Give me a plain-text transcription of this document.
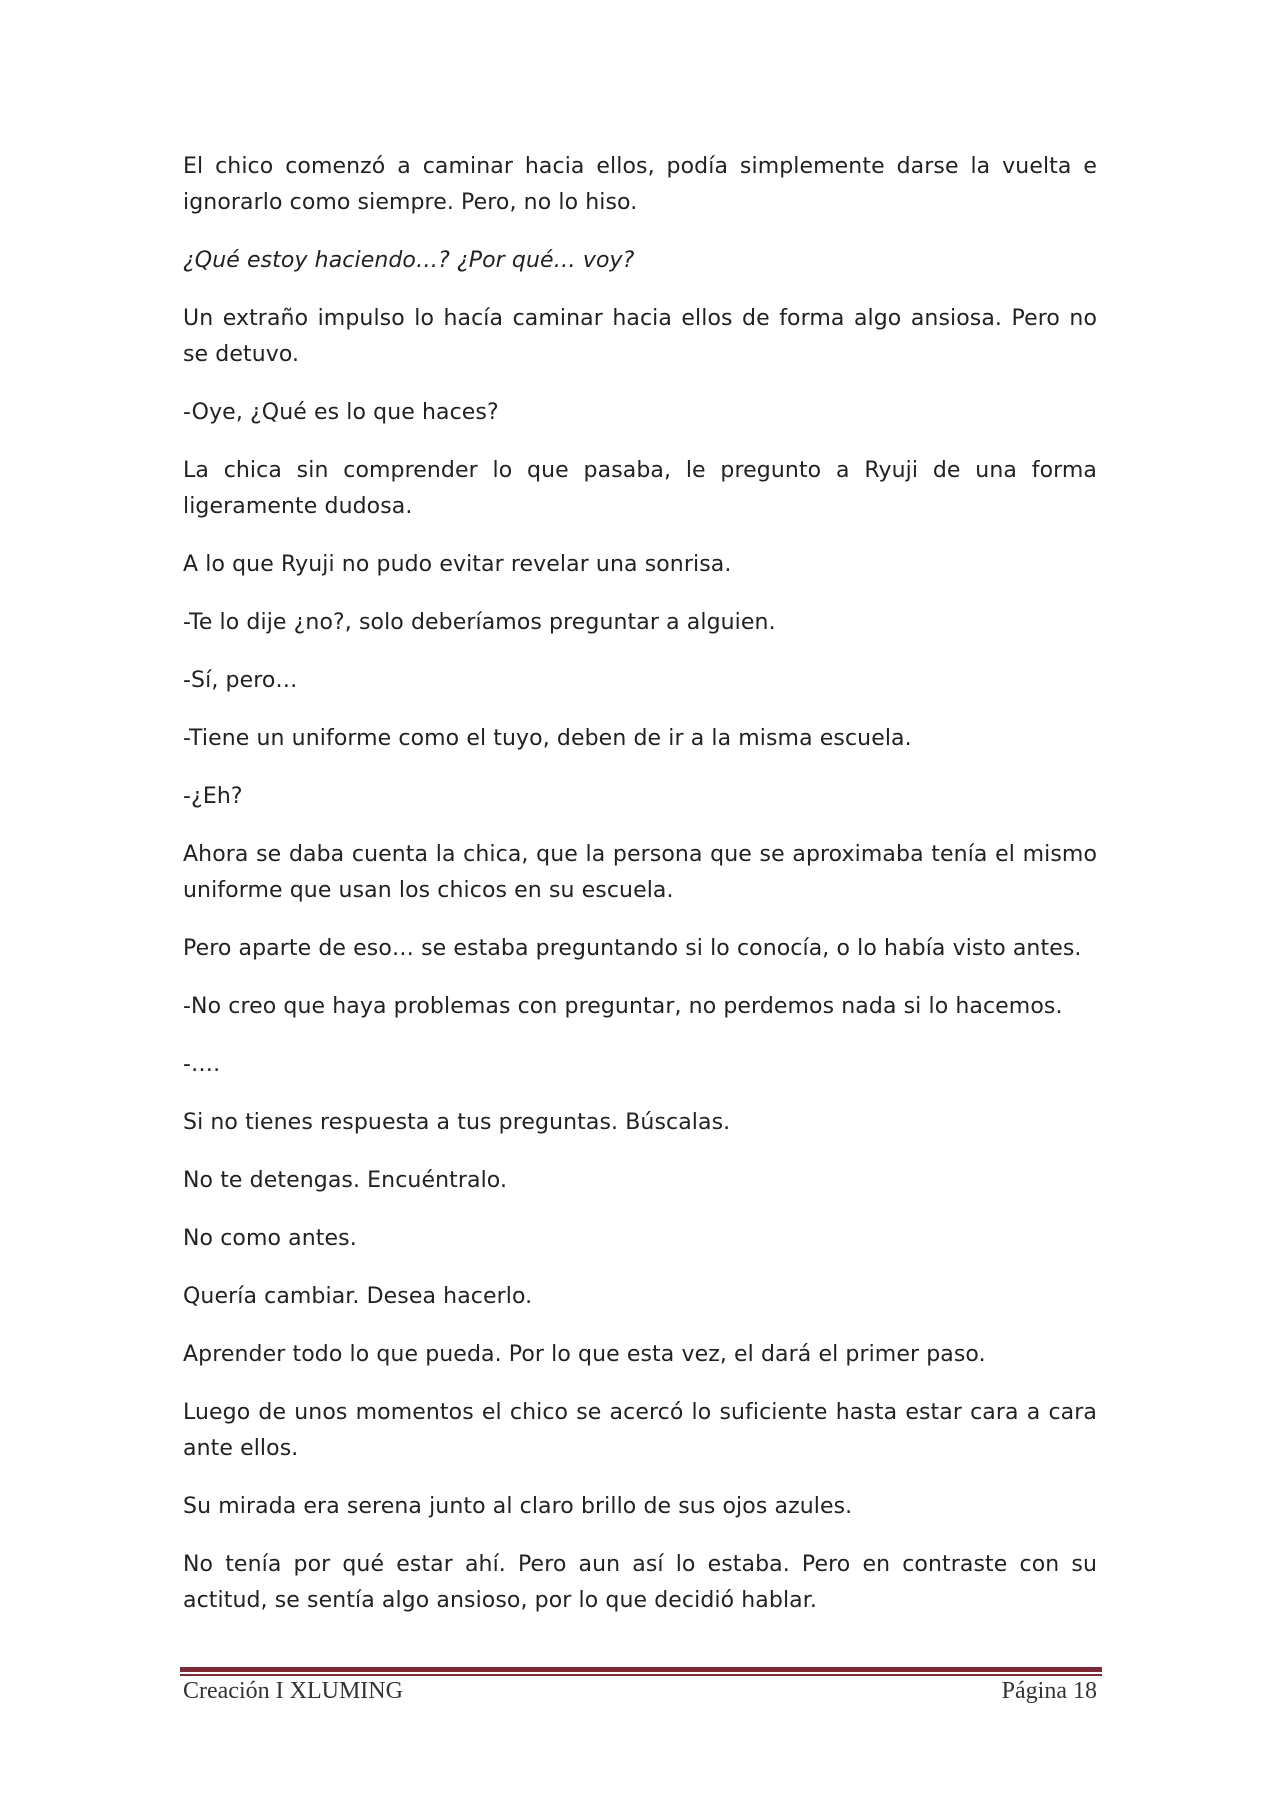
El chico comenzó a caminar hacia ellos, podía simplemente darse la vuelta e ignorarlo como siempre. Pero, no lo hiso.

¿Qué estoy haciendo…? ¿Por qué… voy?

Un extraño impulso lo hacía caminar hacia ellos de forma algo ansiosa. Pero no se detuvo.

-Oye, ¿Qué es lo que haces?

La chica sin comprender lo que pasaba, le pregunto a Ryuji de una forma ligeramente dudosa.

A lo que Ryuji no pudo evitar revelar una sonrisa.

-Te lo dije ¿no?, solo deberíamos preguntar a alguien.

-Sí, pero…

-Tiene un uniforme como el tuyo, deben de ir a la misma escuela.

-¿Eh?

Ahora se daba cuenta la chica, que la persona que se aproximaba tenía el mismo uniforme que usan los chicos en su escuela.

Pero aparte de eso… se estaba preguntando si lo conocía, o lo había visto antes.

-No creo que haya problemas con preguntar, no perdemos nada si lo hacemos.

-….

Si no tienes respuesta a tus preguntas. Búscalas.

No te detengas. Encuéntralo.

No como antes.

Quería cambiar. Desea hacerlo.

Aprender todo lo que pueda. Por lo que esta vez, el dará el primer paso.

Luego de unos momentos el chico se acercó lo suficiente hasta estar cara a cara ante ellos.

Su mirada era serena junto al claro brillo de sus ojos azules.

No tenía por qué estar ahí. Pero aun así lo estaba. Pero en contraste con su actitud, se sentía algo ansioso, por lo que decidió hablar.

Creación I XLUMING	Página 18
